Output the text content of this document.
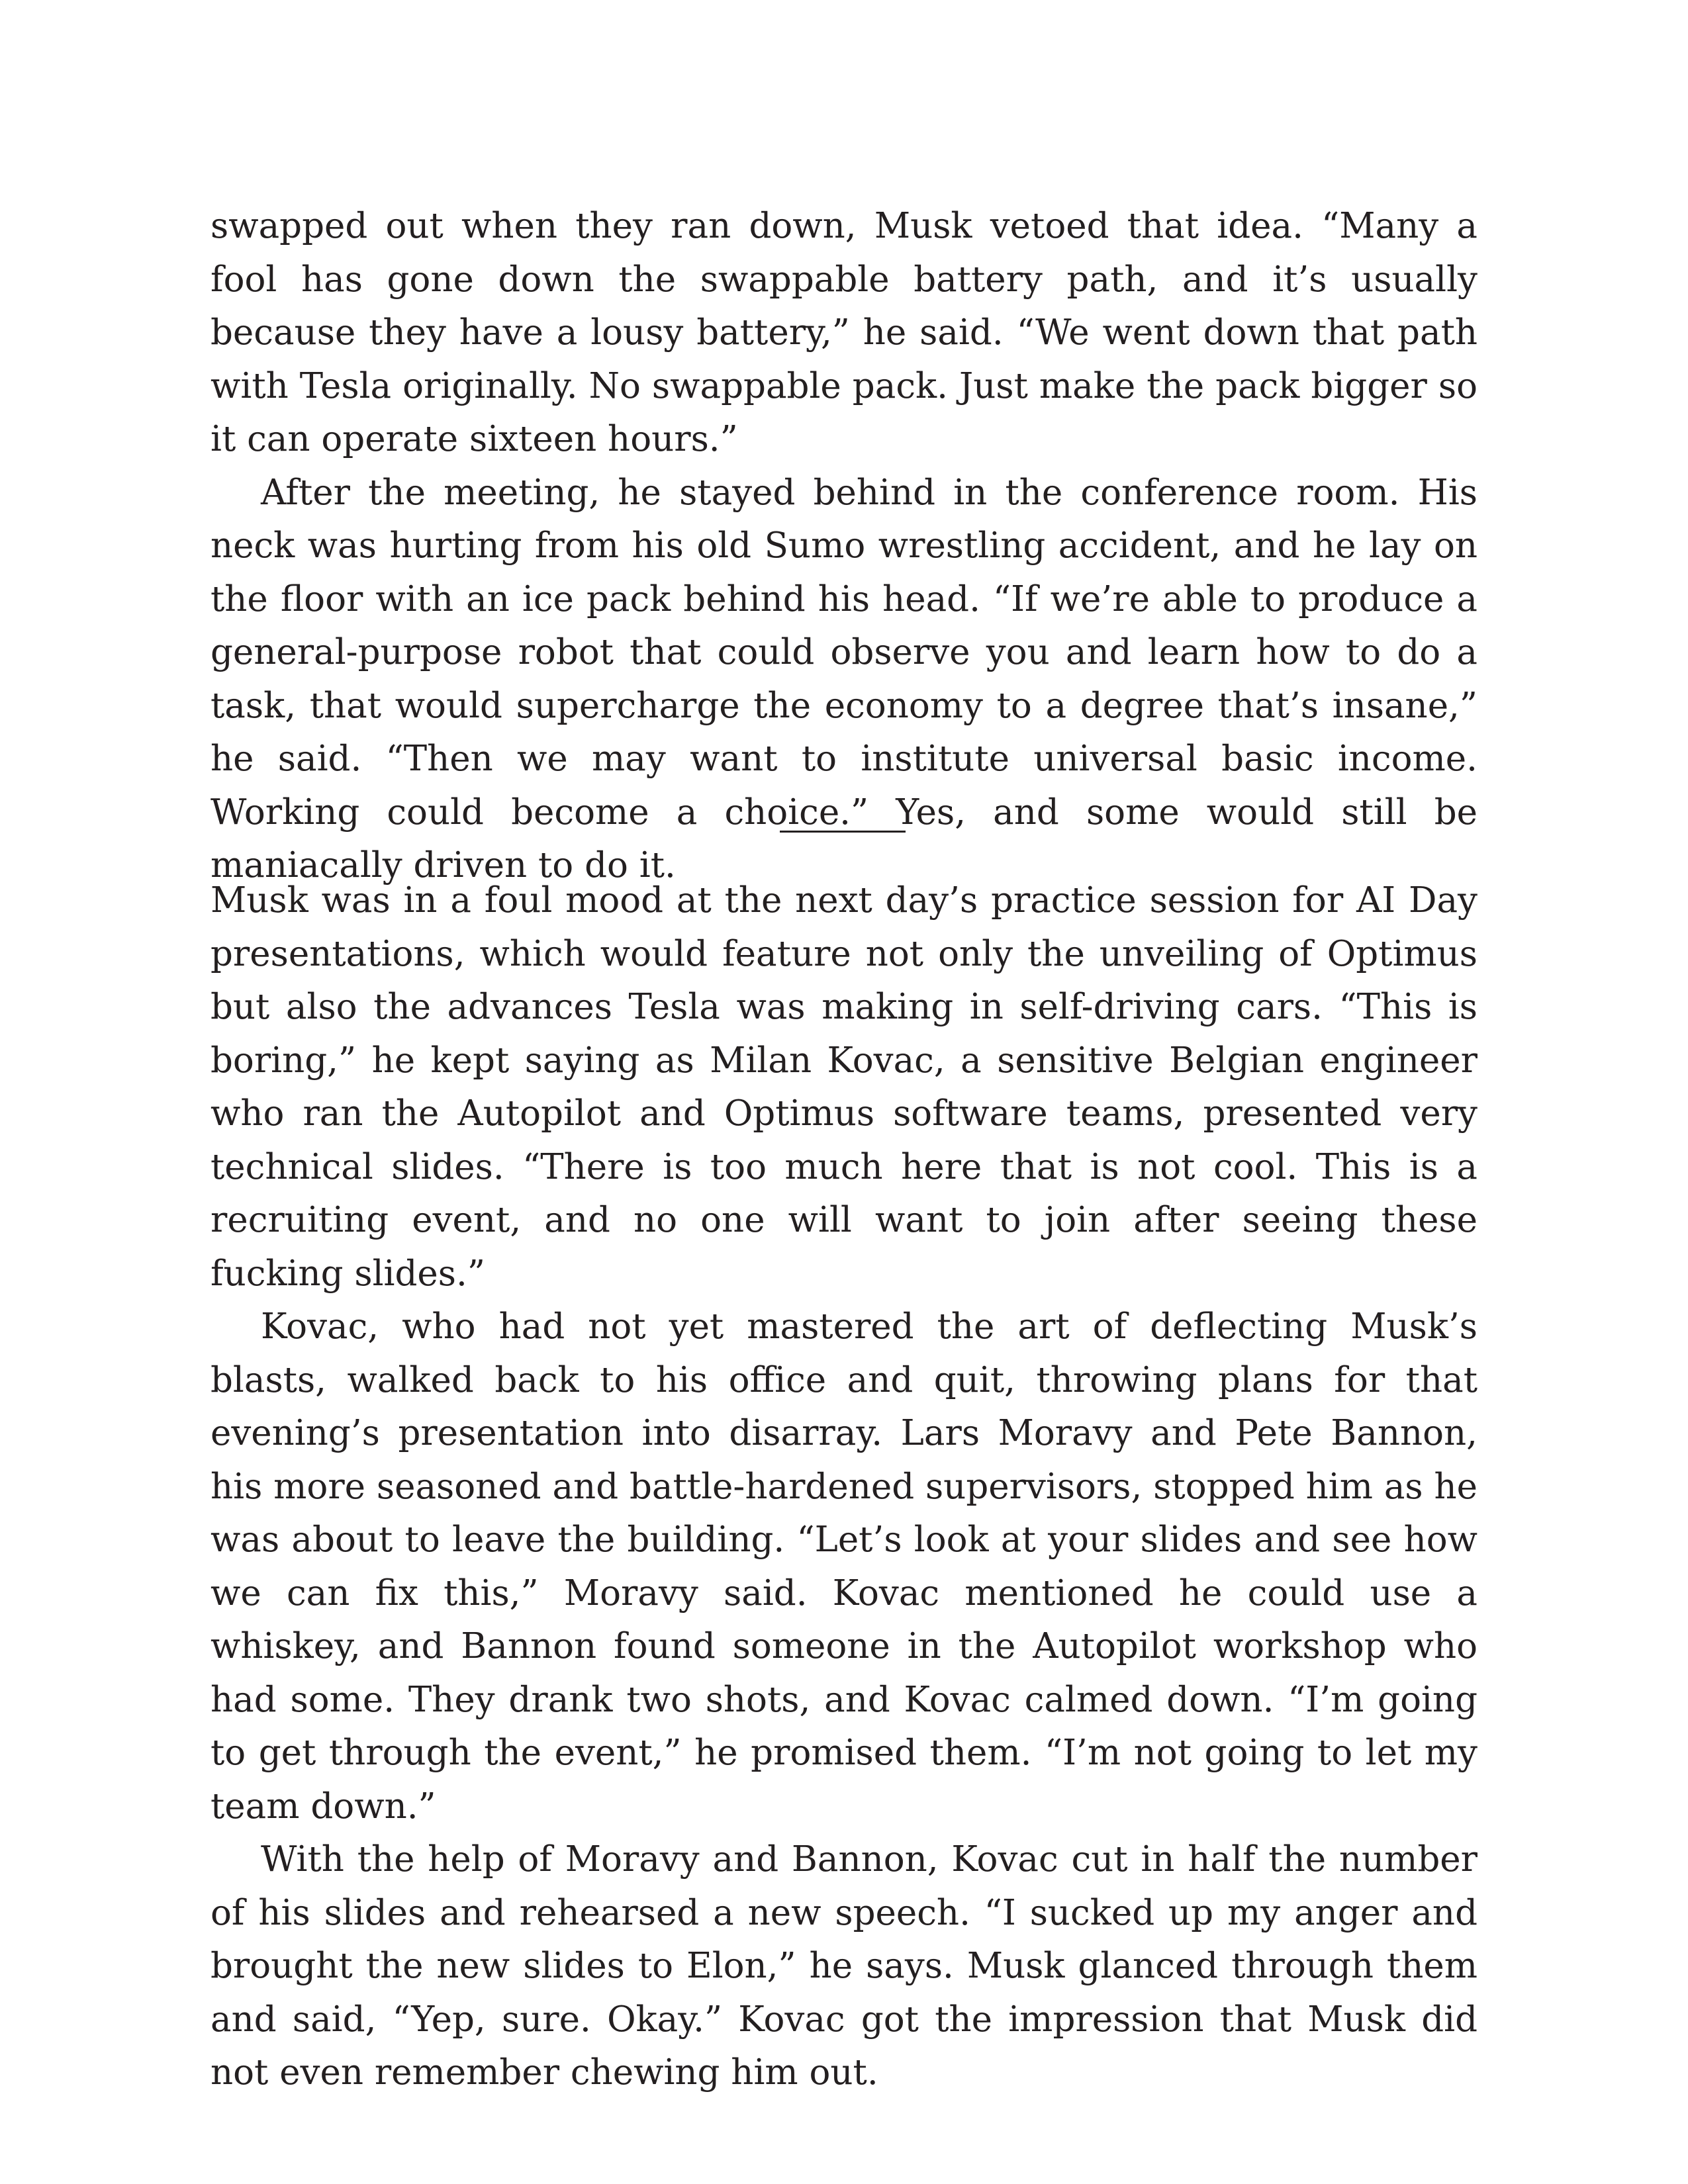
swapped out when they ran down, Musk vetoed that idea. “Many a fool has gone down the swappable battery path, and it’s usually because they have a lousy battery,” he said. “We went down that path with Tesla originally. No swappable pack. Just make the pack bigger so it can operate sixteen hours.”

After the meeting, he stayed behind in the conference room. His neck was hurting from his old Sumo wrestling accident, and he lay on the floor with an ice pack behind his head. “If we’re able to produce a general-purpose robot that could observe you and learn how to do a task, that would supercharge the economy to a degree that’s insane,” he said. “Then we may want to institute universal basic income. Working could become a choice.” Yes, and some would still be maniacally driven to do it.

Musk was in a foul mood at the next day’s practice session for AI Day presentations, which would feature not only the unveiling of Optimus but also the advances Tesla was making in self-driving cars. “This is boring,” he kept saying as Milan Kovac, a sensitive Belgian engineer who ran the Autopilot and Optimus software teams, presented very technical slides. “There is too much here that is not cool. This is a recruiting event, and no one will want to join after seeing these fucking slides.”

Kovac, who had not yet mastered the art of deflecting Musk’s blasts, walked back to his office and quit, throwing plans for that evening’s presentation into disarray. Lars Moravy and Pete Bannon, his more seasoned and battle-hardened supervisors, stopped him as he was about to leave the building. “Let’s look at your slides and see how we can fix this,” Moravy said. Kovac mentioned he could use a whiskey, and Bannon found someone in the Autopilot workshop who had some. They drank two shots, and Kovac calmed down. “I’m going to get through the event,” he promised them. “I’m not going to let my team down.”

With the help of Moravy and Bannon, Kovac cut in half the number of his slides and rehearsed a new speech. “I sucked up my anger and brought the new slides to Elon,” he says. Musk glanced through them and said, “Yep, sure. Okay.” Kovac got the impression that Musk did not even remember chewing him out.
